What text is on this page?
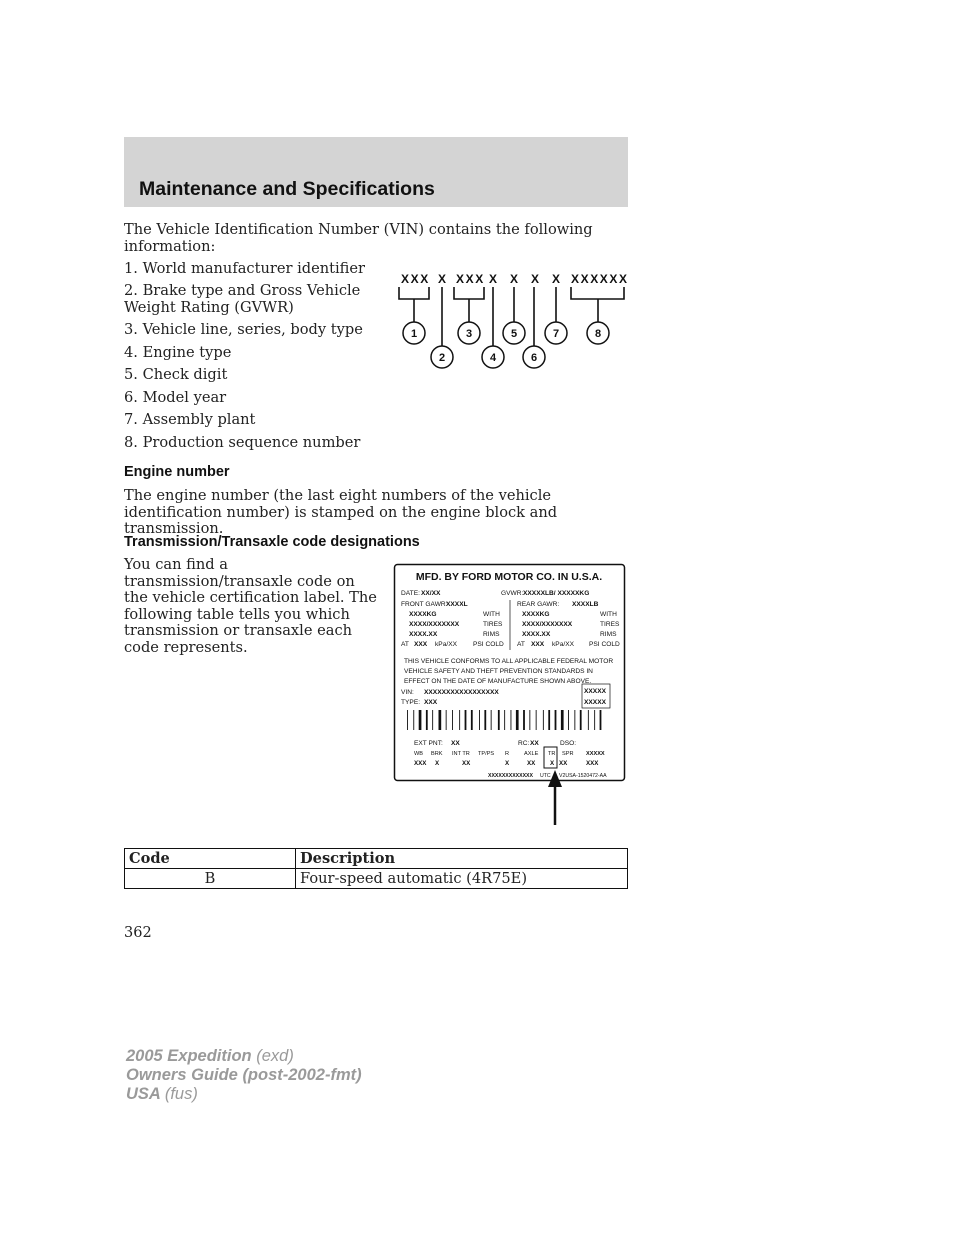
Maintenance and Specifications
The Vehicle Identification Number (VIN) contains the following information:
1. World manufacturer identifier
2. Brake type and Gross Vehicle Weight Rating (GVWR)
3. Vehicle line, series, body type
4. Engine type
5. Check digit
6. Model year
7. Assembly plant
8. Production sequence number
XXX X XXX X X X X XXXXXX
1
2
3
4
5
6
7	8
Engine number
The engine number (the last eight numbers of the vehicle identification number) is stamped on the engine block and transmission.
Transmission/Transaxle code designations
You can find a transmission/transaxle code on the vehicle certification label. The following table tells you which transmission or transaxle each code represents.
MFD. BY FORD MOTOR CO. IN U.S.A.
DATE: XX/XX	GVWR: XXXXXLB/ XXXXXKG
FRONT GAWR:
XXXXL	REAR GAWR: XXXXLB
XXXXKG	WITH	XXXXKG	WITH
XXXX/XXXXXXX	TIRES	XXXX/XXXXXXX	TIRES
XXXX.XX	RIMS	XXXX.XX	RIMS
AT XXX kPa/XX PSI COLD AT XXX kPa/XX PSI COLD
THIS VEHICLE CONFORMS TO ALL APPLICABLE FEDERAL MOTOR
VEHICLE SAFETY AND THEFT PREVENTION STANDARDS IN
EFFECT ON THE DATE OF MANUFACTURE SHOWN ABOVE.
VIN: XXXXXXXXXXXXXXXXX
TYPE: XXX
XXXXX
XXXXX
EXT PNT: XX	RC: XX	DSO:
WB BRK INT TR TP/PS R	AXLE TR SPR XXXXX
XXX X	XX	X	XX X XX	XXX
XXXXXXXXXXXXX UTC V2USA-1520472-AA
Code	Description
B	Four-speed automatic (4R75E)
362
2005 Expedition (exd)
Owners Guide (post-2002-fmt)
USA (fus)
